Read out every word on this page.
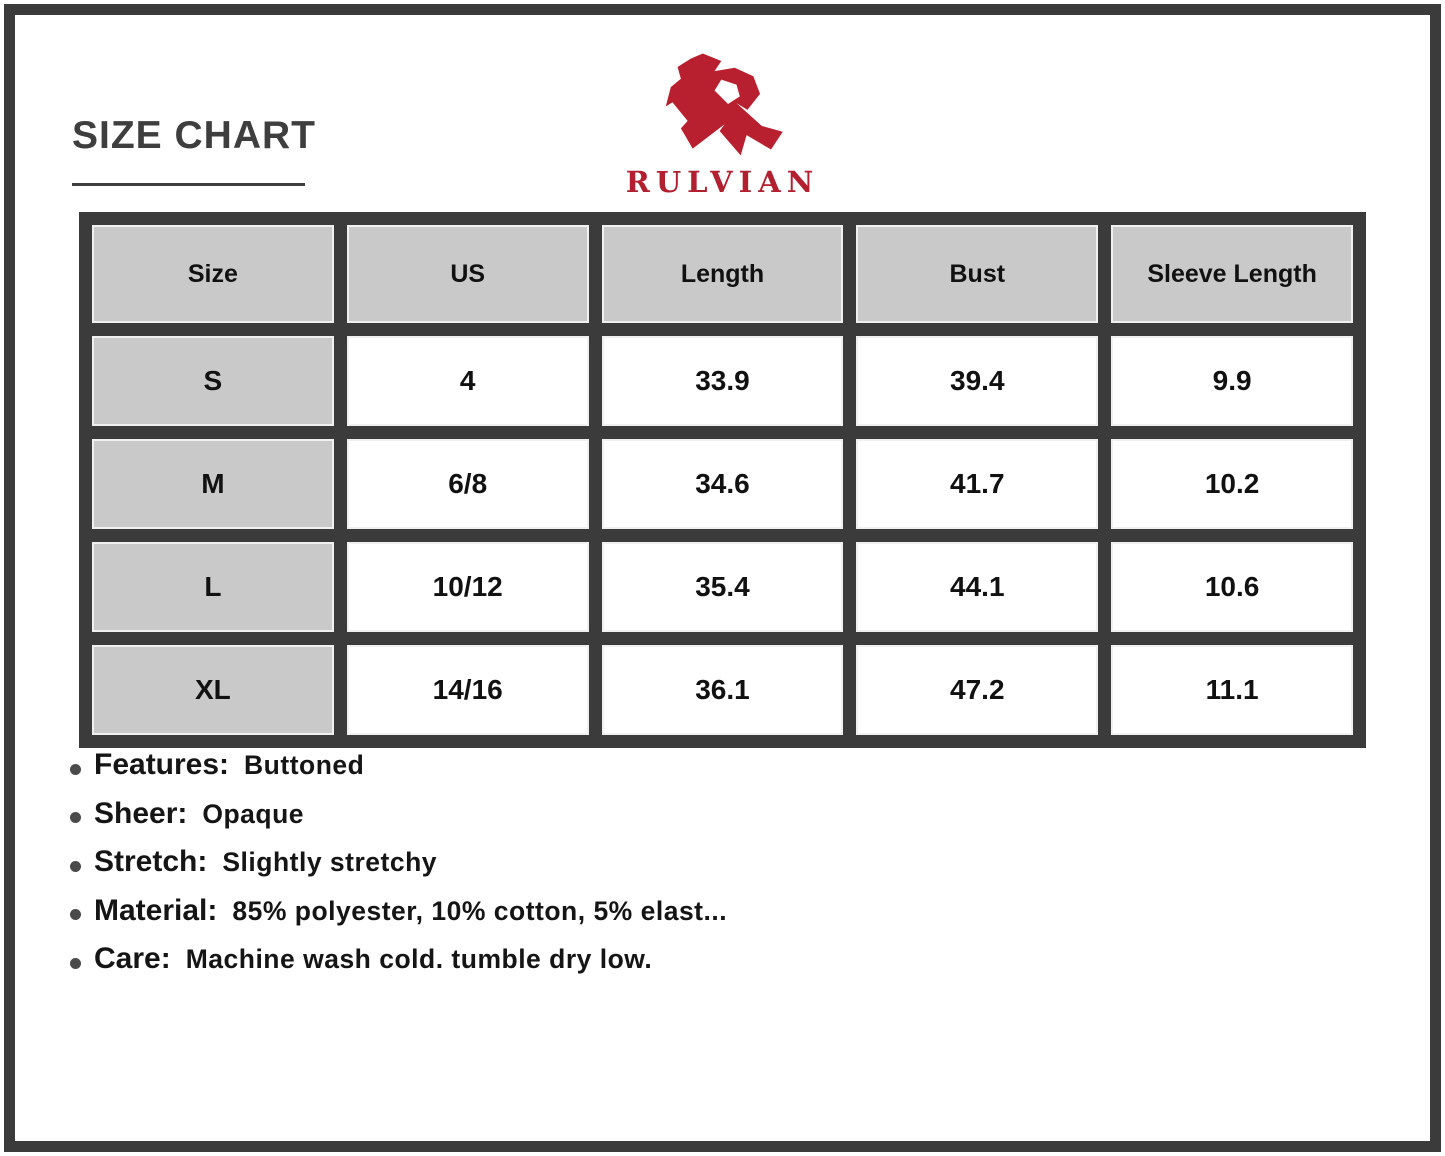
SIZE CHART
RULVIAN
Size	US	Length	Bust	Sleeve Length
S	4	33.9	39.4	9.9
M	6/8	34.6	41.7	10.2
L	10/12	35.4	44.1	10.6
XL	14/16	36.1	47.2	11.1
Features: Buttoned
Sheer: Opaque
Stretch: Slightly stretchy
Material: 85% polyester, 10% cotton, 5% elast...
Care: Machine wash cold. tumble dry low.
